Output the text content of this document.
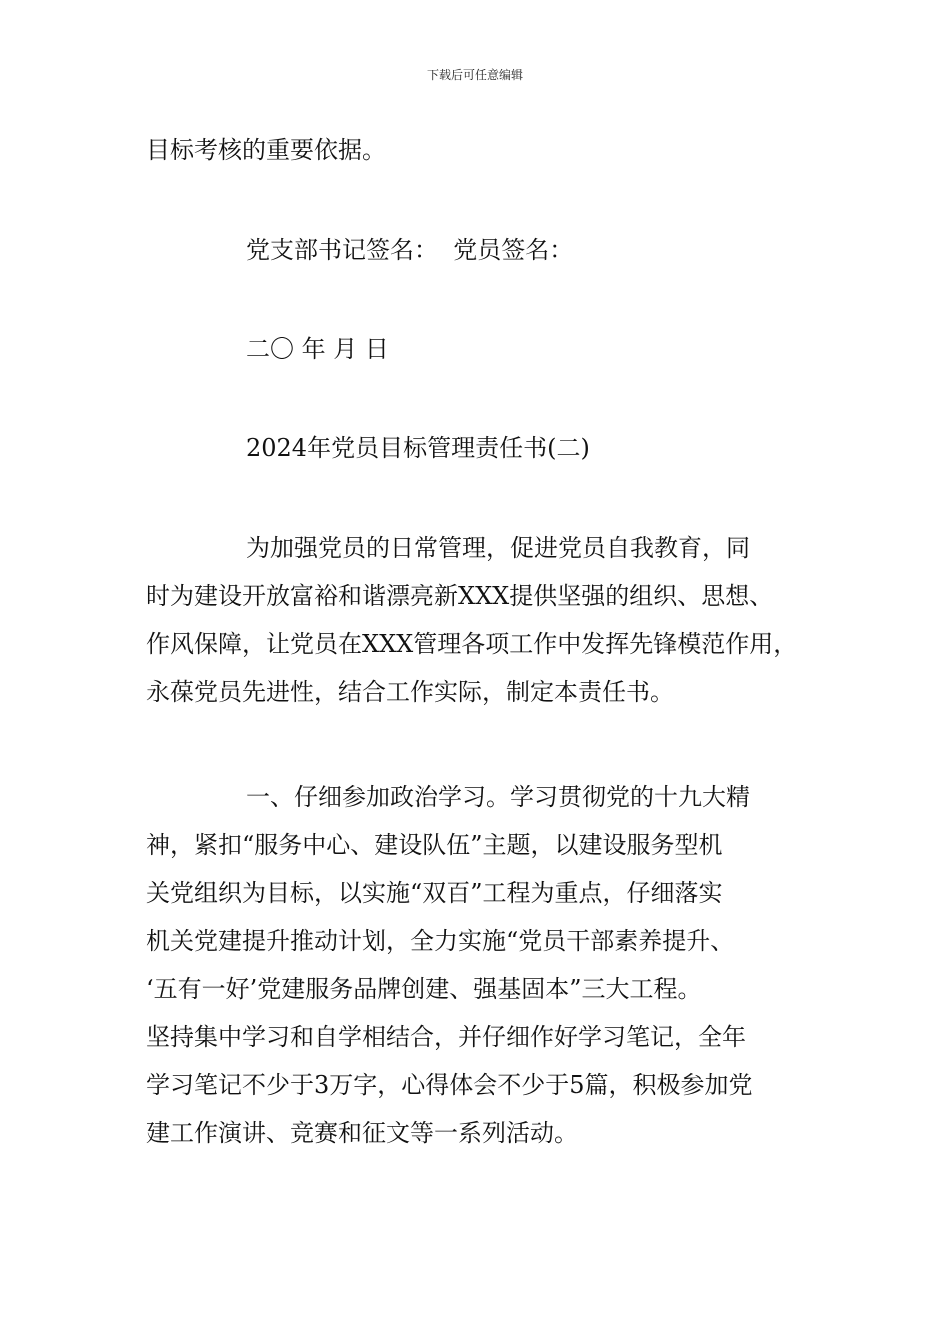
下载后可任意编辑

目标考核的重要依据。

党支部书记签名：  党员签名：

二〇 年 月 日

2024年党员目标管理责任书(二)

为加强党员的日常管理，促进党员自我教育，同
时为建设开放富裕和谐漂亮新XXX提供坚强的组织、思想、
作风保障，让党员在XXX管理各项工作中发挥先锋模范作用，
永葆党员先进性，结合工作实际，制定本责任书。

一、仔细参加政治学习。学习贯彻党的十九大精
神，紧扣“服务中心、建设队伍”主题，以建设服务型机
关党组织为目标，以实施“双百”工程为重点，仔细落实
机关党建提升推动计划，全力实施“党员干部素养提升、
‘五有一好’党建服务品牌创建、强基固本”三大工程。
坚持集中学习和自学相结合，并仔细作好学习笔记，全年
学习笔记不少于3万字，心得体会不少于5篇，积极参加党
建工作演讲、竞赛和征文等一系列活动。
